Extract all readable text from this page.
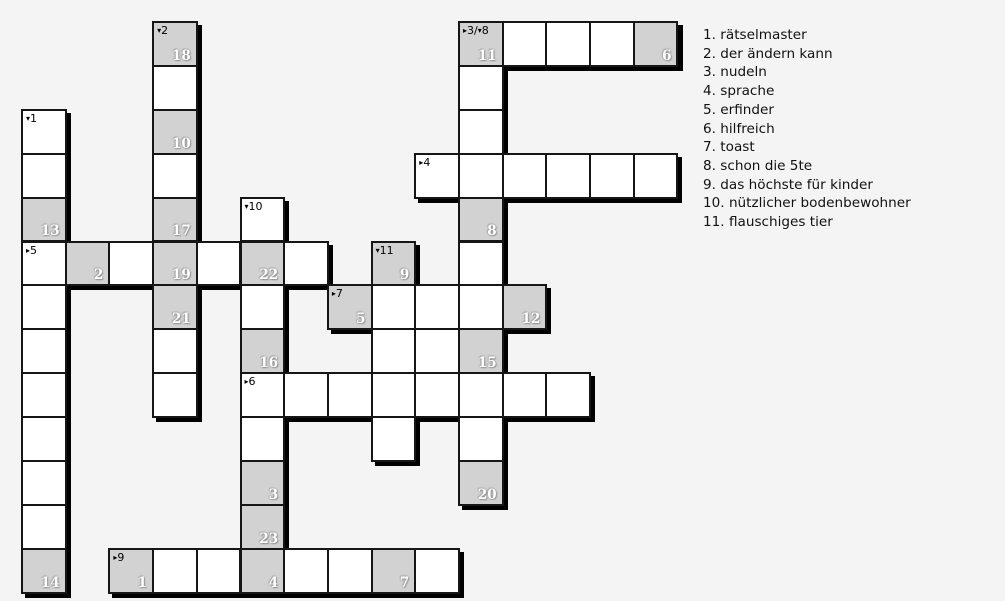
▾1
13
▸5
14
2
▸9
1
▾2
18
10
17
19
21
▾10
22
16
▸6
3
23
4
▸7
5
▾11
9
7
▸4
▸3/▾8
11
8
15
20
12
6
1. rätselmaster
2. der ändern kann
3. nudeln
4. sprache
5. erfinder
6. hilfreich
7. toast
8. schon die 5te
9. das höchste für kinder
10. nützlicher bodenbewohner
11. flauschiges tier
